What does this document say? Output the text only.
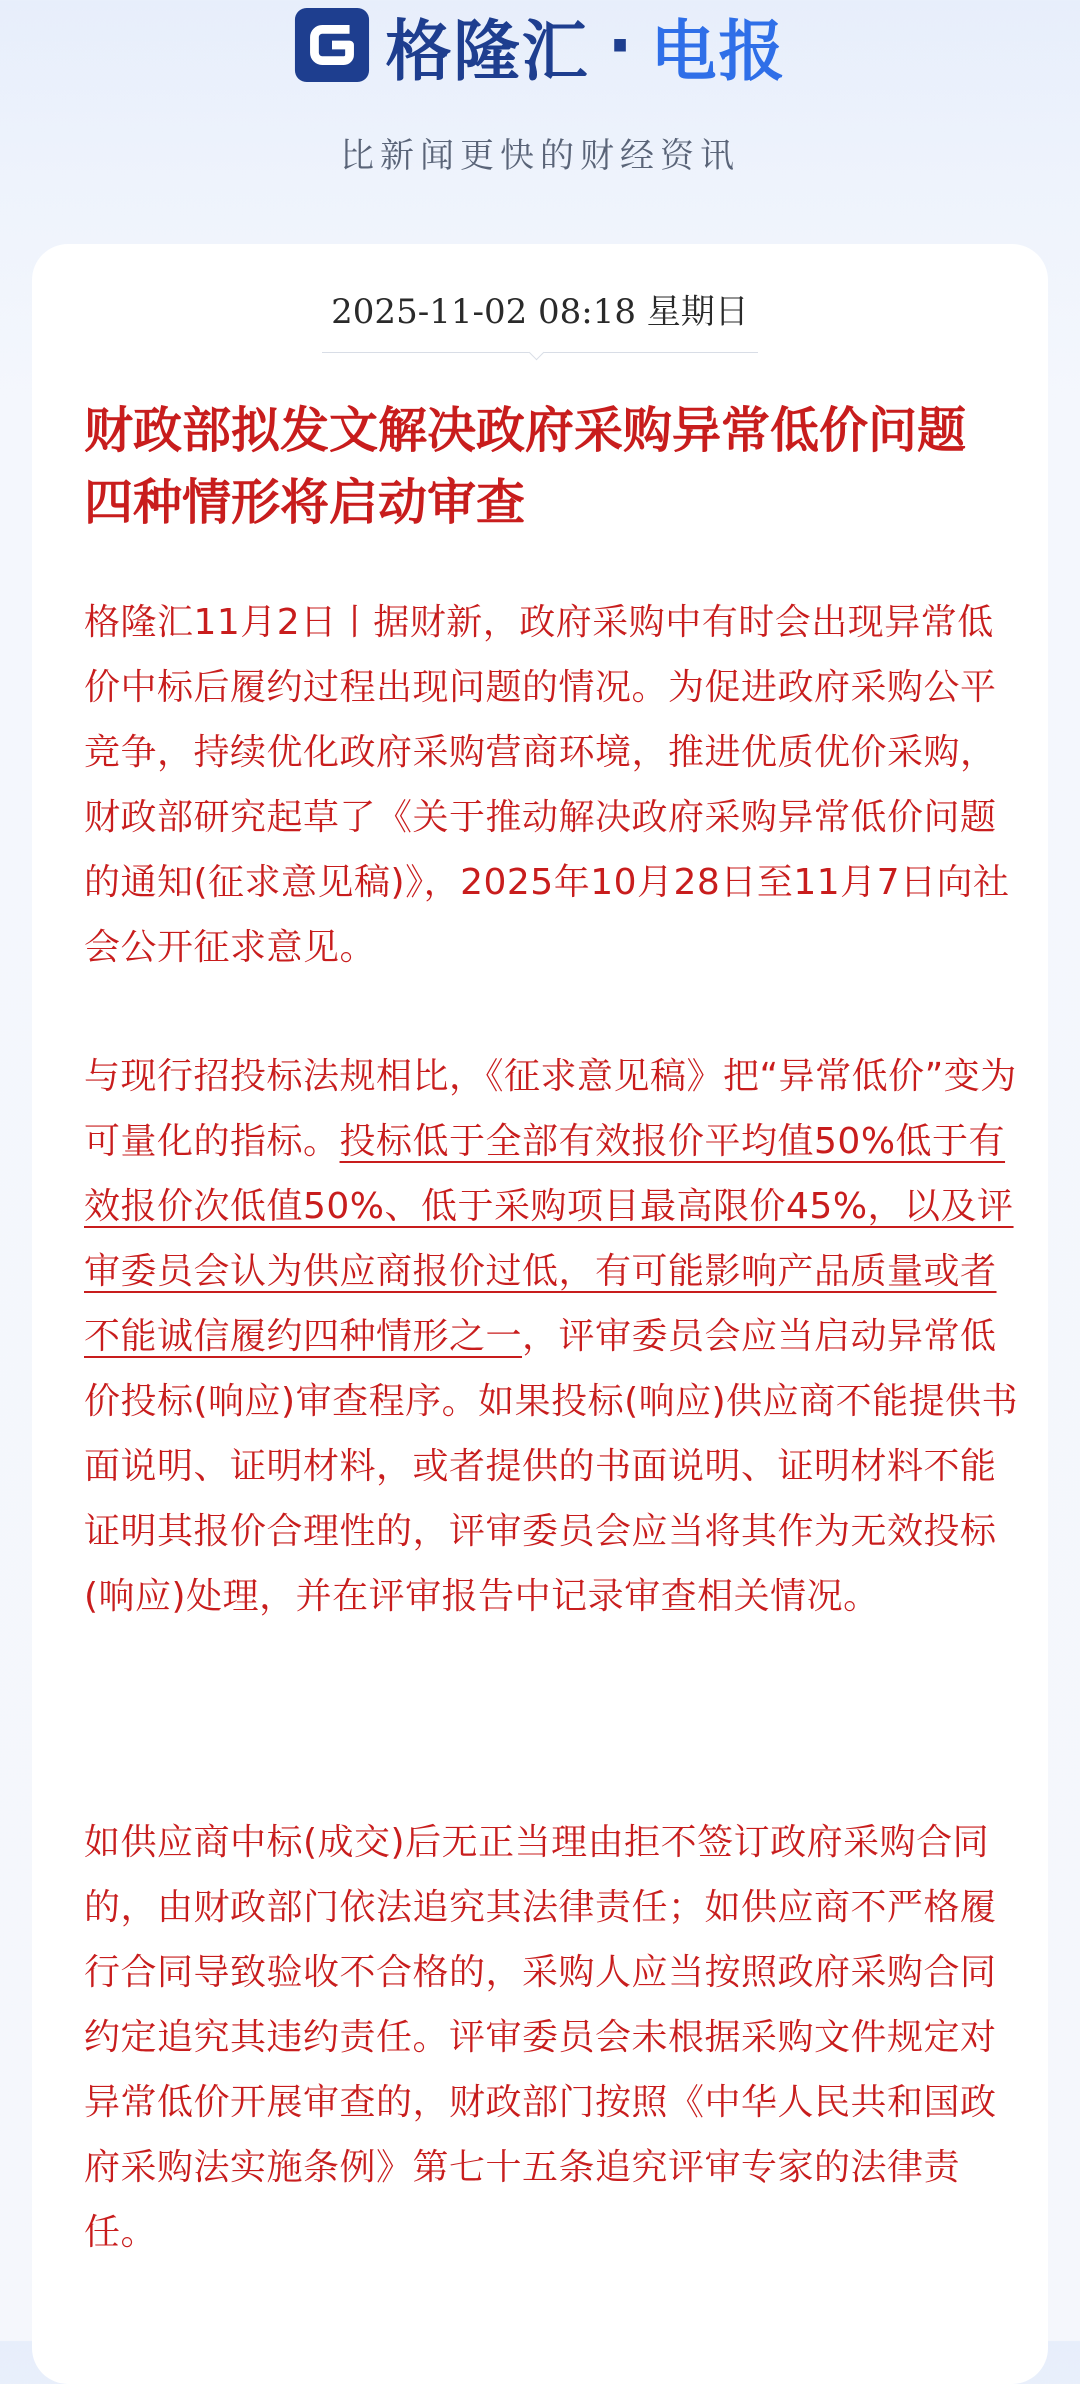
格隆汇 · 电报
比新闻更快的财经资讯
2025-11-02 08:18 星期日
财政部拟发文解决政府采购异常低价问题 四种情形将启动审查
格隆汇11月2日丨据财新，政府采购中有时会出现异常低价中标后履约过程出现问题的情况。为促进政府采购公平竞争，持续优化政府采购营商环境，推进优质优价采购，财政部研究起草了《关于推动解决政府采购异常低价问题的通知(征求意见稿)》，2025年10月28日至11月7日向社会公开征求意见。
与现行招投标法规相比，《征求意见稿》把“异常低价”变为可量化的指标。投标低于全部有效报价平均值50%低于有效报价次低值50%、低于采购项目最高限价45%，以及评审委员会认为供应商报价过低，有可能影响产品质量或者不能诚信履约四种情形之一，评审委员会应当启动异常低价投标(响应)审查程序。如果投标(响应)供应商不能提供书面说明、证明材料，或者提供的书面说明、证明材料不能证明其报价合理性的，评审委员会应当将其作为无效投标(响应)处理，并在评审报告中记录审查相关情况。
如供应商中标(成交)后无正当理由拒不签订政府采购合同的，由财政部门依法追究其法律责任；如供应商不严格履行合同导致验收不合格的，采购人应当按照政府采购合同约定追究其违约责任。评审委员会未根据采购文件规定对异常低价开展审查的，财政部门按照《中华人民共和国政府采购法实施条例》第七十五条追究评审专家的法律责任。
